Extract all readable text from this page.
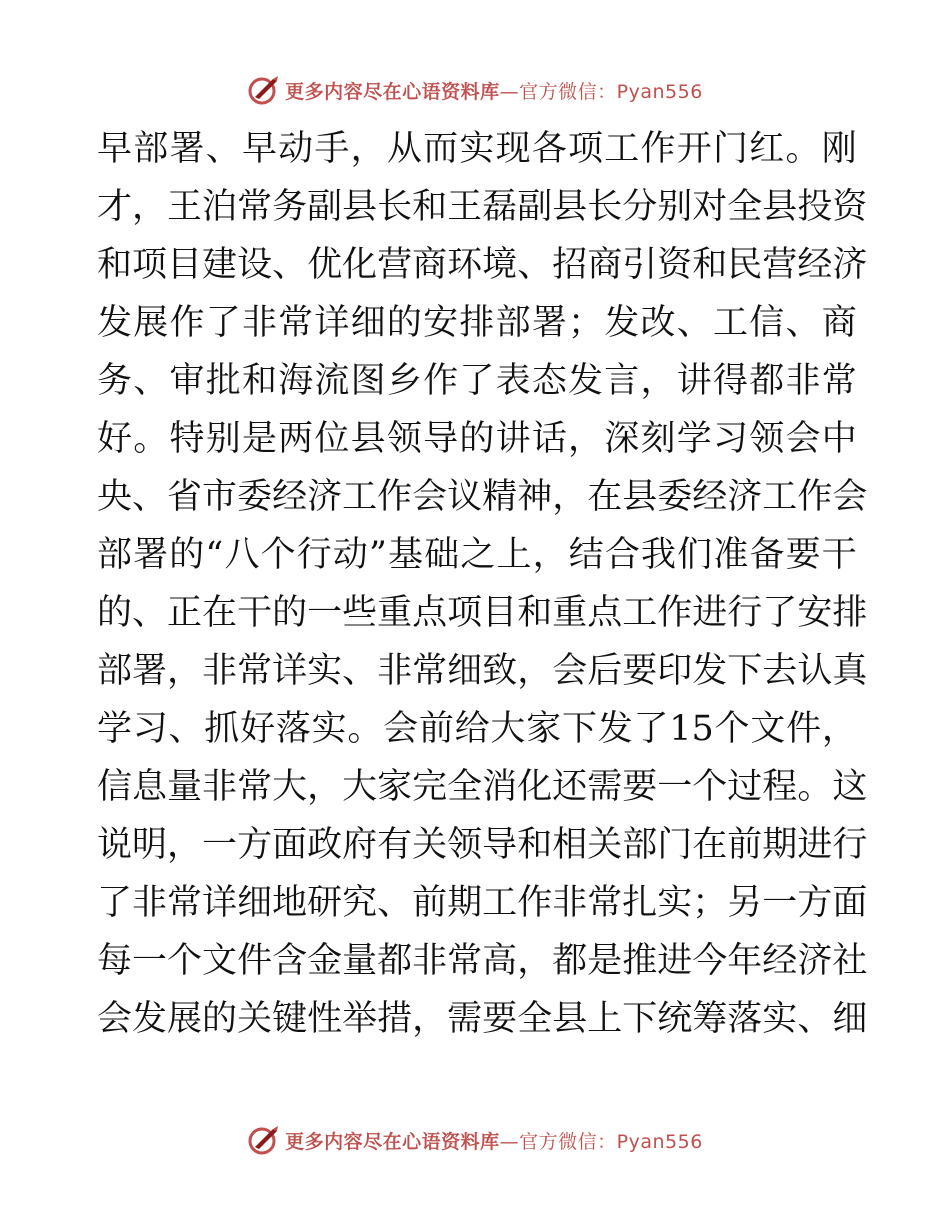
更多内容尽在心语资料库—官方微信：Pyan556
早 部 署 、 早 动 手 ， 从 而 实 现 各 项 工 作 开 门 红 。 刚
才 ， 王 泊 常 务 副 县 长 和 王 磊 副 县 长 分 别 对 全 县 投 资
和 项 目 建 设 、 优 化 营 商 环 境 、 招 商 引 资 和 民 营 经 济
发 展 作 了 非 常 详 细 的 安 排 部 署 ； 发 改 、 工 信 、 商
务 、 审 批 和 海 流 图 乡 作 了 表 态 发 言 ， 讲 得 都 非 常
好 。 特 别 是 两 位 县 领 导 的 讲 话 ， 深 刻 学 习 领 会 中
央 、 省 市 委 经 济 工 作 会 议 精 神 ， 在 县 委 经 济 工 作 会
部 署 的 “ 八 个 行 动 ” 基 础 之 上 ， 结 合 我 们 准 备 要 干
的 、 正 在 干 的 一 些 重 点 项 目 和 重 点 工 作 进 行 了 安 排
部 署 ， 非 常 详 实 、 非 常 细 致 ， 会 后 要 印 发 下 去 认 真
学 习 、 抓 好 落 实 。 会 前 给 大 家 下 发 了 15 个 文 件 ，
信 息 量 非 常 大 ， 大 家 完 全 消 化 还 需 要 一 个 过 程 。 这
说 明 ， 一 方 面 政 府 有 关 领 导 和 相 关 部 门 在 前 期 进 行
了 非 常 详 细 地 研 究 、 前 期 工 作 非 常 扎 实 ； 另 一 方 面
每 一 个 文 件 含 金 量 都 非 常 高 ， 都 是 推 进 今 年 经 济 社
会 发 展 的 关 键 性 举 措 ， 需 要 全 县 上 下 统 筹 落 实 、 细
更多内容尽在心语资料库—官方微信：Pyan556
